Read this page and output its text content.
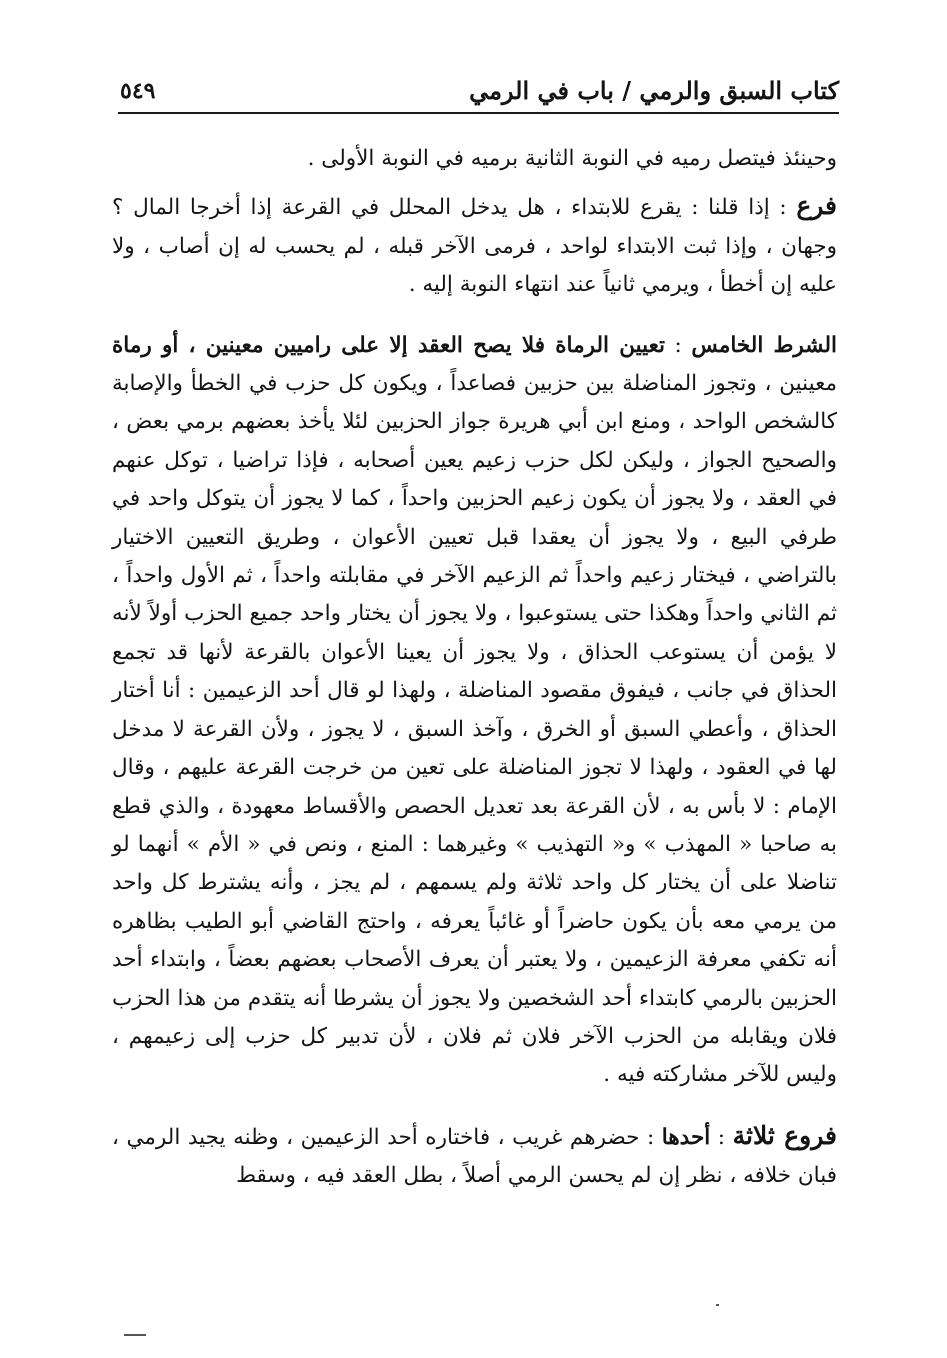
كتاب السبق والرمي / باب في الرمي
٥٤٩

وحينئذ فيتصل رميه في النوبة الثانية برميه في النوبة الأولى .

فرع : إذا قلنا : يقرع للابتداء ، هل يدخل المحلل في القرعة إذا أخرجا المال ؟ وجهان ، وإذا ثبت الابتداء لواحد ، فرمى الآخر قبله ، لم يحسب له إن أصاب ، ولا عليه إن أخطأ ، ويرمي ثانياً عند انتهاء النوبة إليه .

الشرط الخامس : تعيين الرماة فلا يصح العقد إلا على راميين معينين ، أو رماة معينين ، وتجوز المناضلة بين حزبين فصاعداً ، ويكون كل حزب في الخطأ والإصابة كالشخص الواحد ، ومنع ابن أبي هريرة جواز الحزبين لئلا يأخذ بعضهم برمي بعض ، والصحيح الجواز ، وليكن لكل حزب زعيم يعين أصحابه ، فإذا تراضيا ، توكل عنهم في العقد ، ولا يجوز أن يكون زعيم الحزبين واحداً ، كما لا يجوز أن يتوكل واحد في طرفي البيع ، ولا يجوز أن يعقدا قبل تعيين الأعوان ، وطريق التعيين الاختيار بالتراضي ، فيختار زعيم واحداً ثم الزعيم الآخر في مقابلته واحداً ، ثم الأول واحداً ، ثم الثاني واحداً وهكذا حتى يستوعبوا ، ولا يجوز أن يختار واحد جميع الحزب أولاً لأنه لا يؤمن أن يستوعب الحذاق ، ولا يجوز أن يعينا الأعوان بالقرعة لأنها قد تجمع الحذاق في جانب ، فيفوق مقصود المناضلة ، ولهذا لو قال أحد الزعيمين : أنا أختار الحذاق ، وأعطي السبق أو الخرق ، وآخذ السبق ، لا يجوز ، ولأن القرعة لا مدخل لها في العقود ، ولهذا لا تجوز المناضلة على تعين من خرجت القرعة عليهم ، وقال الإمام : لا بأس به ، لأن القرعة بعد تعديل الحصص والأقساط معهودة ، والذي قطع به صاحبا « المهذب » و« التهذيب » وغيرهما : المنع ، ونص في « الأم » أنهما لو تناضلا على أن يختار كل واحد ثلاثة ولم يسمهم ، لم يجز ، وأنه يشترط كل واحد من يرمي معه بأن يكون حاضراً أو غائباً يعرفه ، واحتج القاضي أبو الطيب بظاهره أنه تكفي معرفة الزعيمين ، ولا يعتبر أن يعرف الأصحاب بعضهم بعضاً ، وابتداء أحد الحزبين بالرمي كابتداء أحد الشخصين ولا يجوز أن يشرطا أنه يتقدم من هذا الحزب فلان ويقابله من الحزب الآخر فلان ثم فلان ، لأن تدبير كل حزب إلى زعيمهم ، وليس للآخر مشاركته فيه .

فروع ثلاثة : أحدها : حضرهم غريب ، فاختاره أحد الزعيمين ، وظنه يجيد الرمي ، فبان خلافه ، نظر إن لم يحسن الرمي أصلاً ، بطل العقد فيه ، وسقط
